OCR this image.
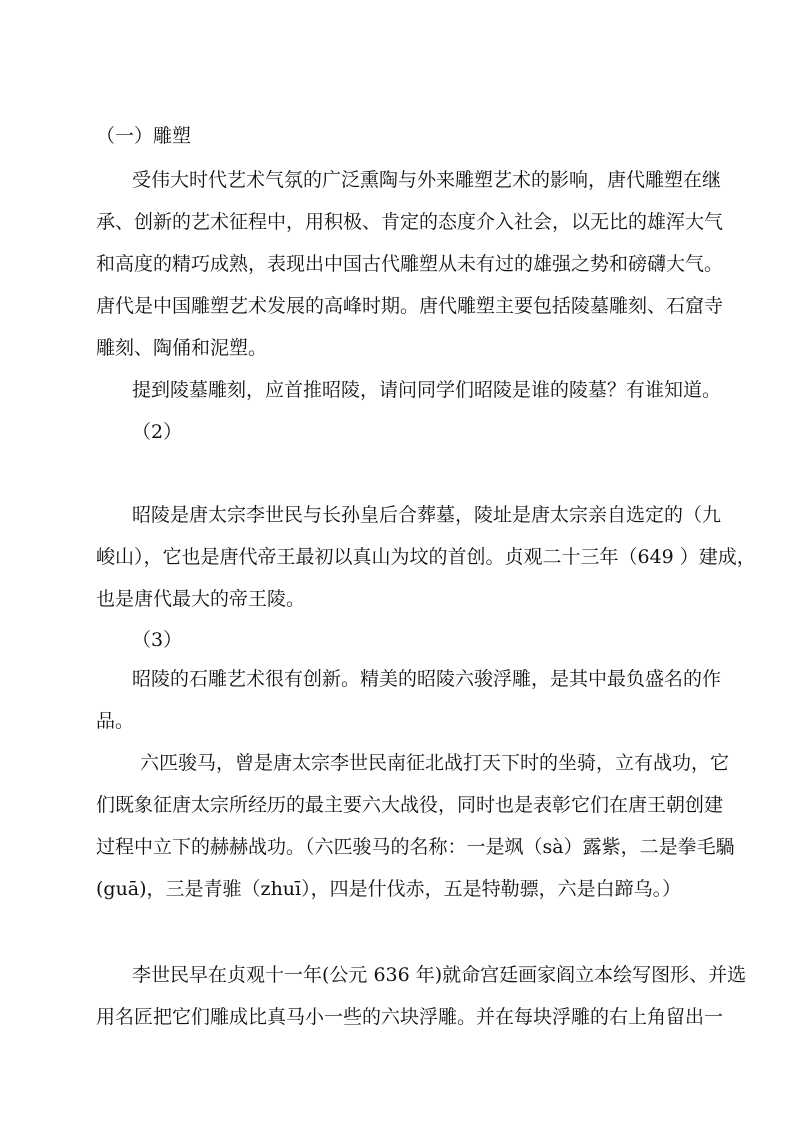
（一）雕塑
受伟大时代艺术气氛的广泛熏陶与外来雕塑艺术的影响，唐代雕塑在继
承、创新的艺术征程中，用积极、肯定的态度介入社会，以无比的雄浑大气
和高度的精巧成熟，表现出中国古代雕塑从未有过的雄强之势和磅礴大气。
唐代是中国雕塑艺术发展的高峰时期。唐代雕塑主要包括陵墓雕刻、石窟寺
雕刻、陶俑和泥塑。
提到陵墓雕刻，应首推昭陵，请问同学们昭陵是谁的陵墓？有谁知道。
（2）
昭陵是唐太宗李世民与长孙皇后合葬墓，陵址是唐太宗亲自选定的（九
峻山），它也是唐代帝王最初以真山为坟的首创。贞观二十三年（649 ）建成，
也是唐代最大的帝王陵。
（3）
昭陵的石雕艺术很有创新。精美的昭陵六骏浮雕，是其中最负盛名的作
品。
六匹骏马，曾是唐太宗李世民南征北战打天下时的坐骑，立有战功，它
们既象征唐太宗所经历的最主要六大战役，同时也是表彰它们在唐王朝创建
过程中立下的赫赫战功。（六匹骏马的名称：一是飒（sà）露紫，二是拳毛騧
(guā)，三是青骓（zhuī），四是什伐赤，五是特勒骠，六是白蹄乌。）
李世民早在贞观十一年(公元 636 年)就命宫廷画家阎立本绘写图形、并选
用名匠把它们雕成比真马小一些的六块浮雕。并在每块浮雕的右上角留出一
